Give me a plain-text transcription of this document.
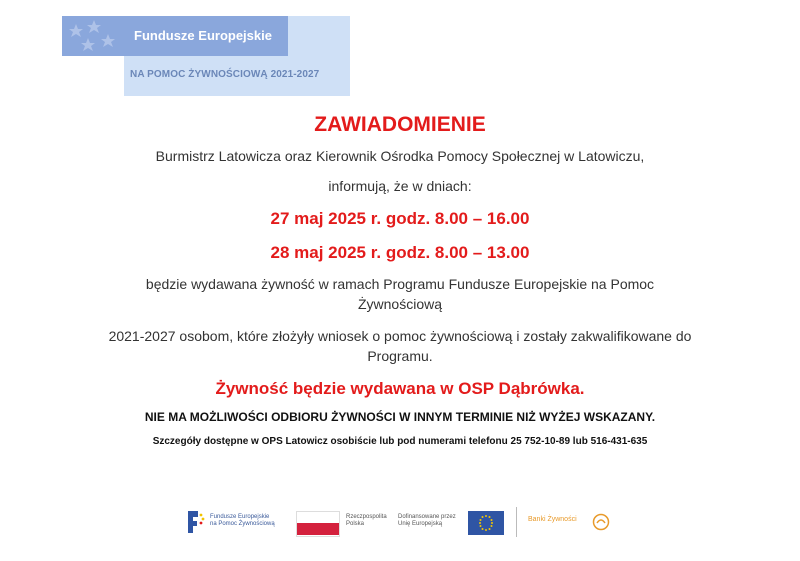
Fundusze Europejskie
NA POMOC ŻYWNOŚCIOWĄ 2021-2027

ZAWIADOMIENIE

Burmistrz Latowicza oraz Kierownik Ośrodka Pomocy Społecznej w Latowiczu,

informują, że w dniach:

27 maj 2025 r. godz. 8.00 – 16.00

28 maj 2025 r. godz. 8.00 – 13.00

będzie wydawana żywność w ramach Programu Fundusze Europejskie na Pomoc

Żywnościową

2021-2027 osobom, które złożyły wniosek o pomoc żywnościową i zostały zakwalifikowane do

Programu.

Żywność będzie wydawana w OSP Dąbrówka.

NIE MA MOŻLIWOŚCI ODBIORU ŻYWNOŚCI W INNYM TERMINIE NIŻ WYŻEJ WSKAZANY.

Szczegóły dostępne w OPS Latowicz osobiście lub pod numerami telefonu 25 752-10-89 lub 516-431-635

Fundusze Europejskie
na Pomoc Żywnościową
Rzeczpospolita
Polska
Dofinansowane przez
Unię Europejską
Banki Żywności
